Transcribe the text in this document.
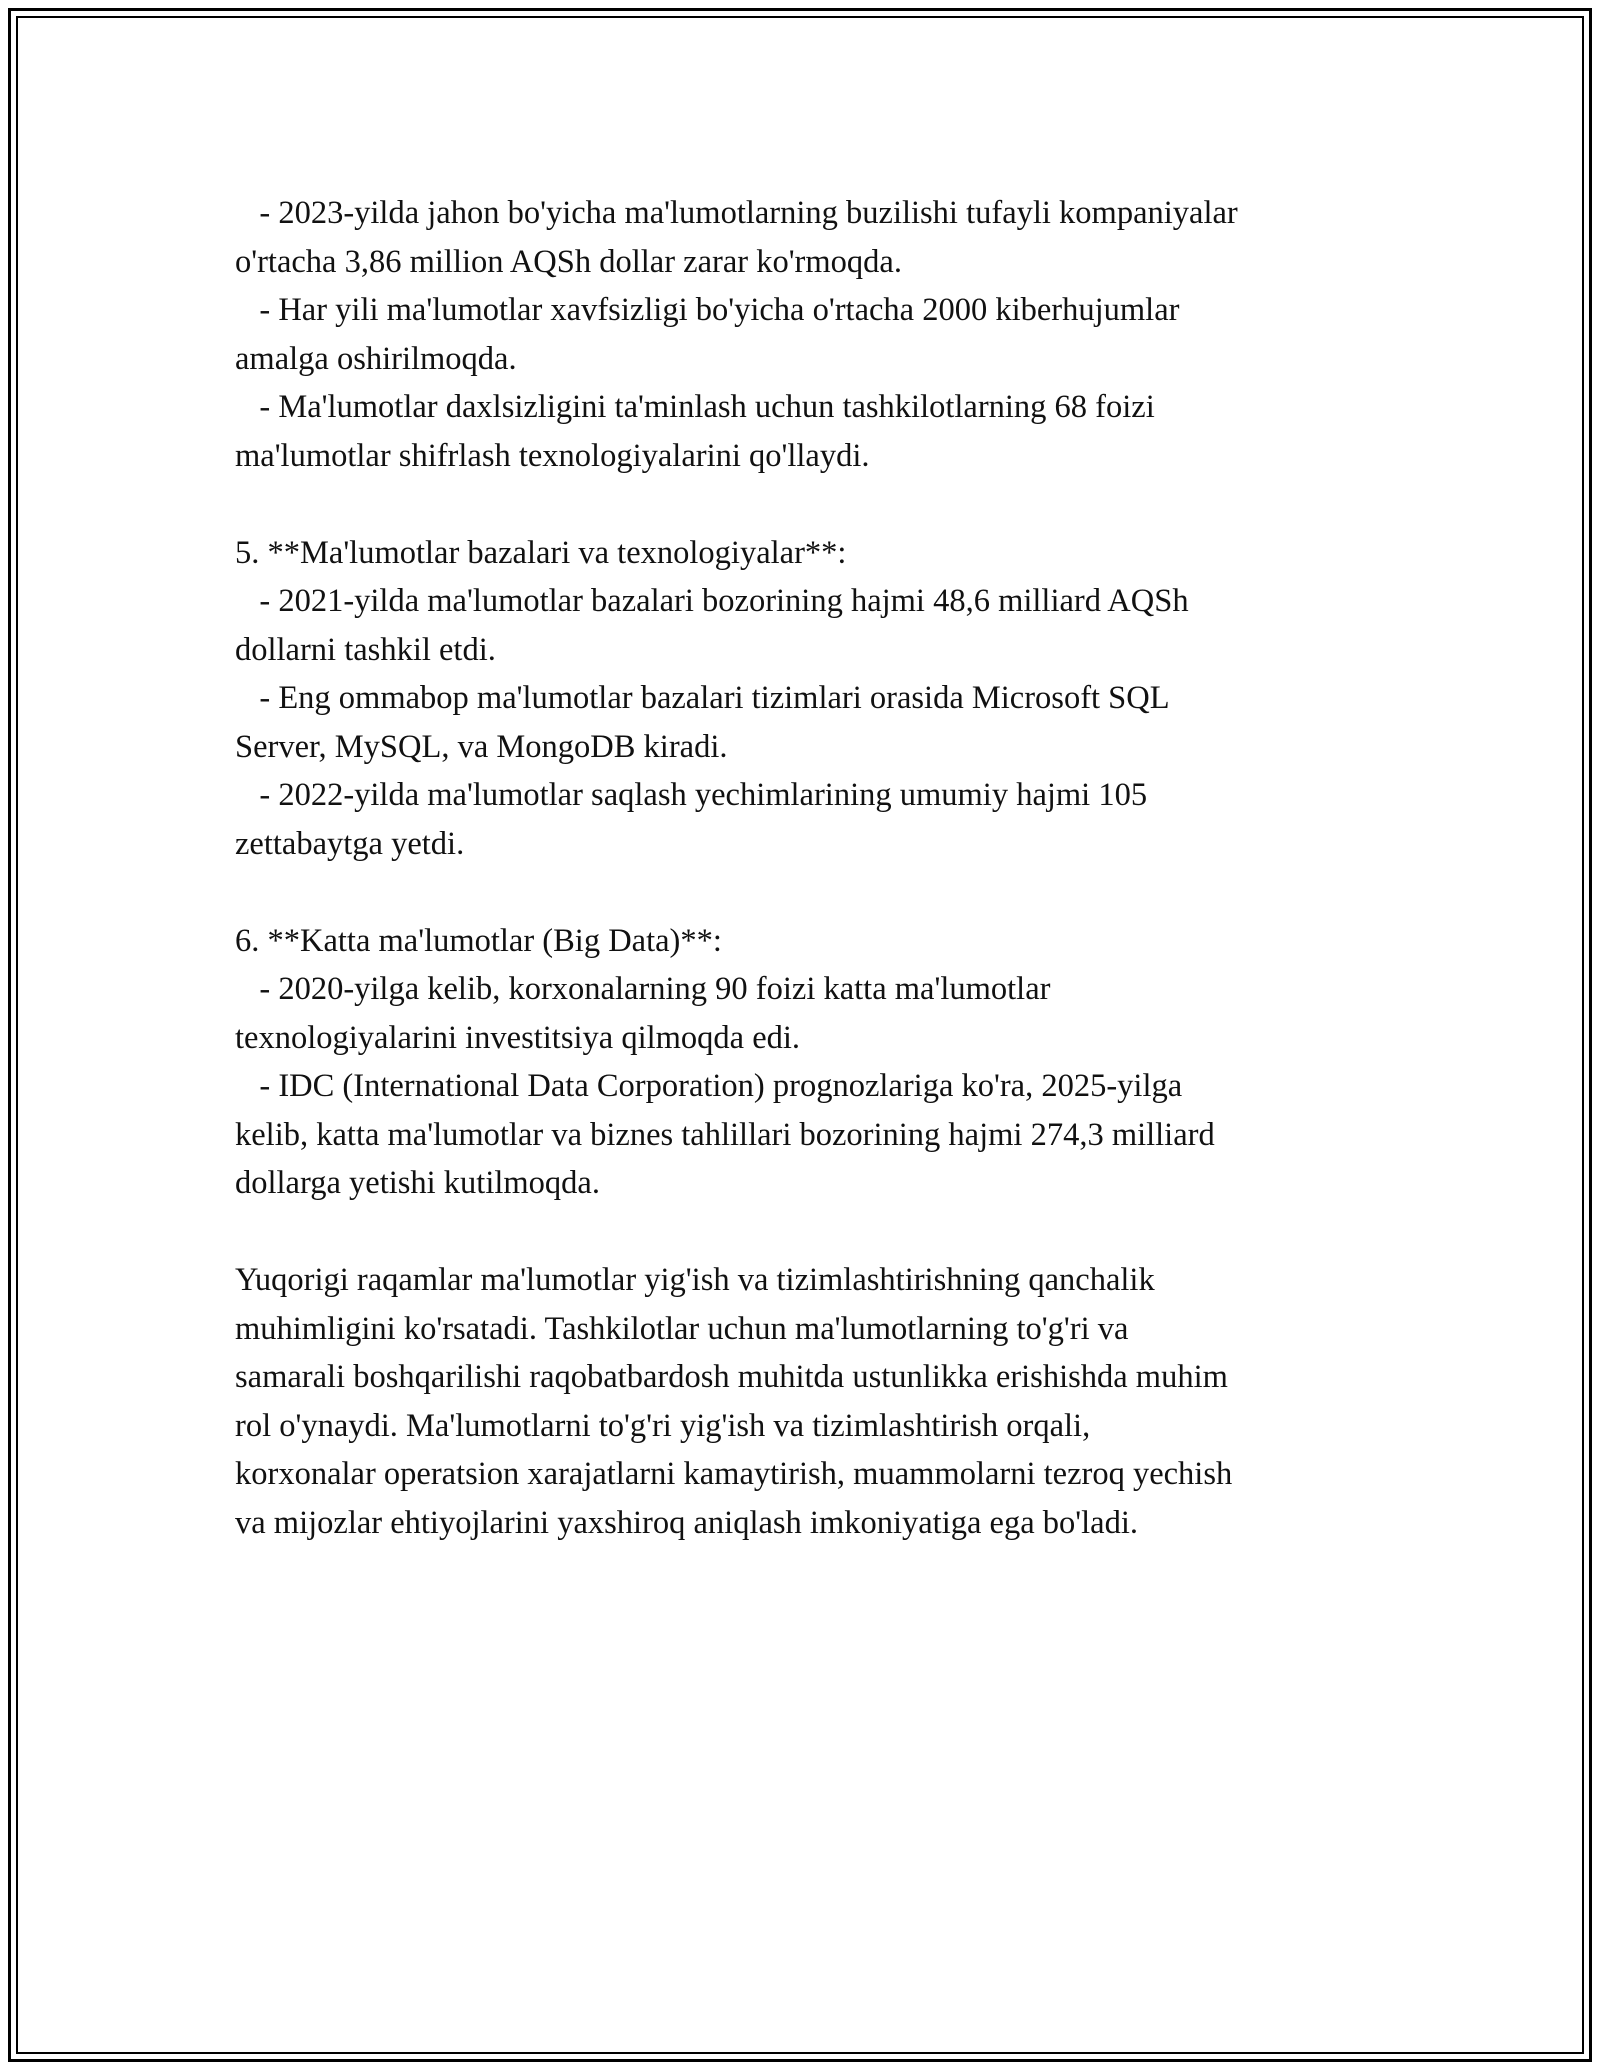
- 2023-yilda jahon bo'yicha ma'lumotlarning buzilishi tufayli kompaniyalar
o'rtacha 3,86 million AQSh dollar zarar ko'rmoqda.
- Har yili ma'lumotlar xavfsizligi bo'yicha o'rtacha 2000 kiberhujumlar
amalga oshirilmoqda.
- Ma'lumotlar daxlsizligini ta'minlash uchun tashkilotlarning 68 foizi
ma'lumotlar shifrlash texnologiyalarini qo'llaydi.
5. **Ma'lumotlar bazalari va texnologiyalar**:
- 2021-yilda ma'lumotlar bazalari bozorining hajmi 48,6 milliard AQSh
dollarni tashkil etdi.
- Eng ommabop ma'lumotlar bazalari tizimlari orasida Microsoft SQL
Server, MySQL, va MongoDB kiradi.
- 2022-yilda ma'lumotlar saqlash yechimlarining umumiy hajmi 105
zettabaytga yetdi.
6. **Katta ma'lumotlar (Big Data)**:
- 2020-yilga kelib, korxonalarning 90 foizi katta ma'lumotlar
texnologiyalarini investitsiya qilmoqda edi.
- IDC (International Data Corporation) prognozlariga ko'ra, 2025-yilga
kelib, katta ma'lumotlar va biznes tahlillari bozorining hajmi 274,3 milliard
dollarga yetishi kutilmoqda.
Yuqorigi raqamlar ma'lumotlar yig'ish va tizimlashtirishning qanchalik
muhimligini ko'rsatadi. Tashkilotlar uchun ma'lumotlarning to'g'ri va
samarali boshqarilishi raqobatbardosh muhitda ustunlikka erishishda muhim
rol o'ynaydi. Ma'lumotlarni to'g'ri yig'ish va tizimlashtirish orqali,
korxonalar operatsion xarajatlarni kamaytirish, muammolarni tezroq yechish
va mijozlar ehtiyojlarini yaxshiroq aniqlash imkoniyatiga ega bo'ladi.
